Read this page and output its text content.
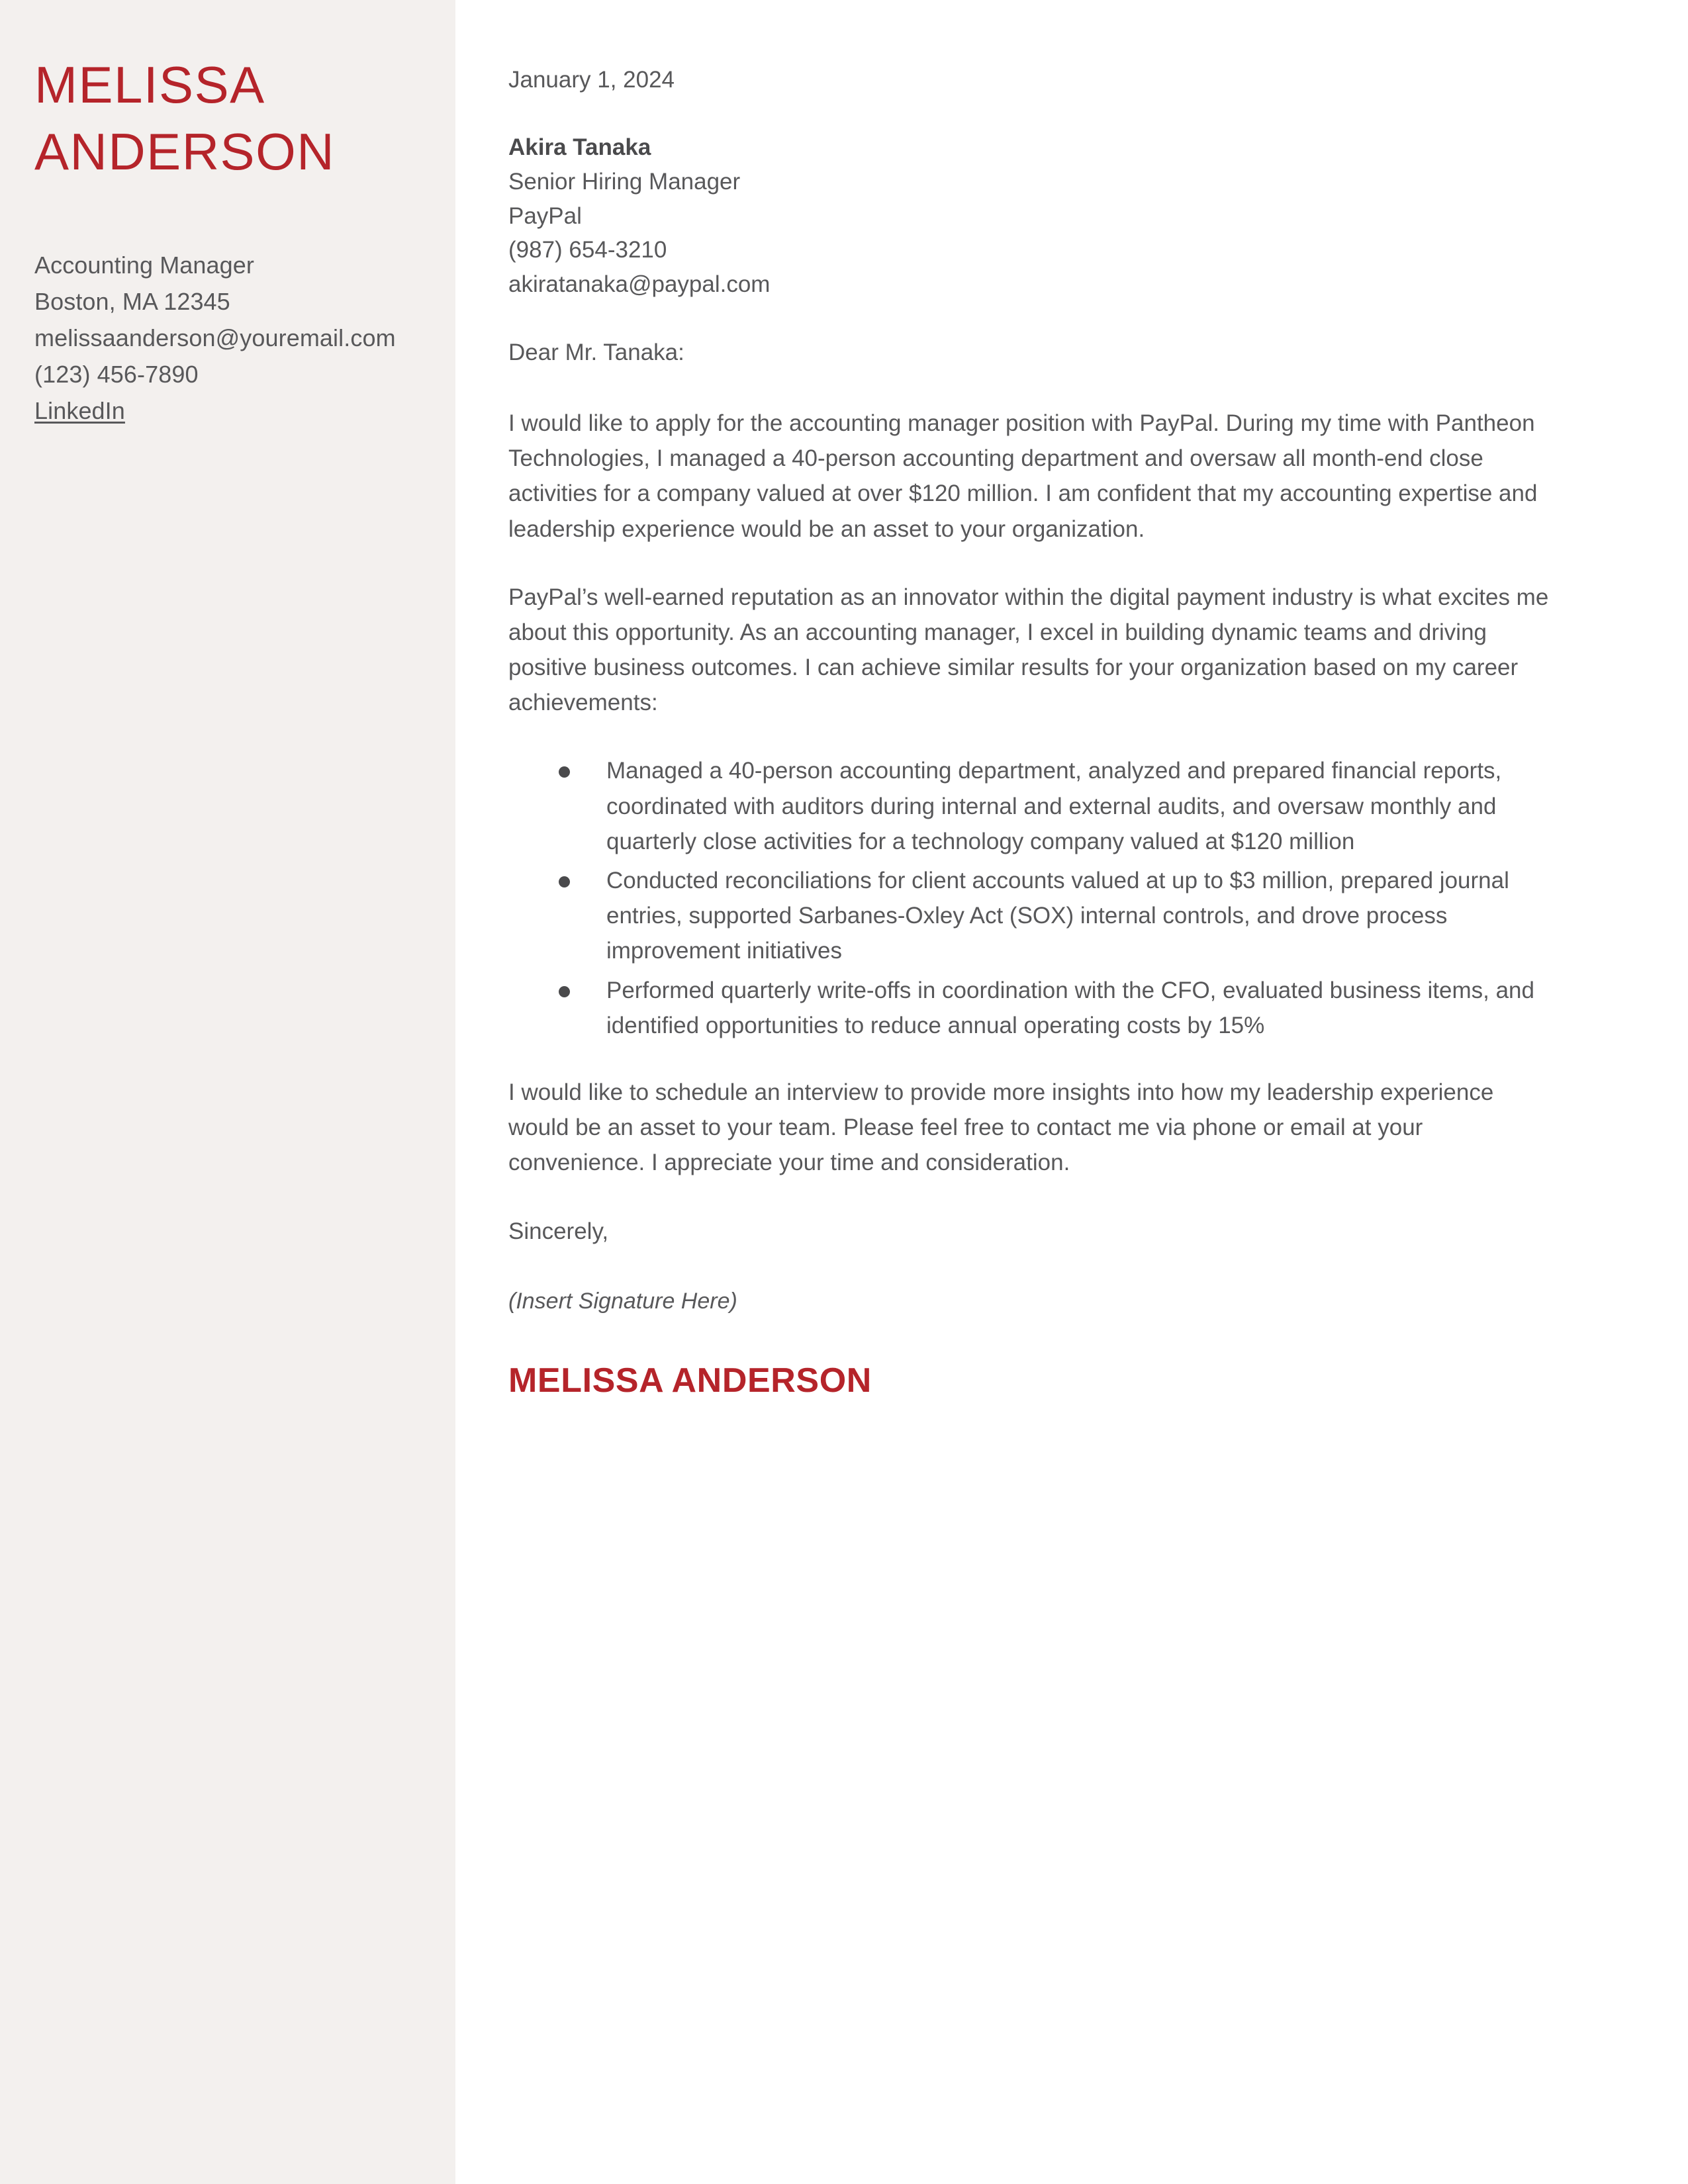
MELISSA
ANDERSON
Accounting Manager
Boston, MA 12345
melissaanderson@youremail.com
(123) 456-7890
LinkedIn
January 1, 2024
Akira Tanaka
Senior Hiring Manager
PayPal
(987) 654-3210
akiratanaka@paypal.com
Dear Mr. Tanaka:

I would like to apply for the accounting manager position with PayPal. During my time with Pantheon Technologies, I managed a 40-person accounting department and oversaw all month-end close activities for a company valued at over $120 million. I am confident that my accounting expertise and leadership experience would be an asset to your organization.

PayPal’s well-earned reputation as an innovator within the digital payment industry is what excites me about this opportunity. As an accounting manager, I excel in building dynamic teams and driving positive business outcomes. I can achieve similar results for your organization based on my career achievements:

Managed a 40-person accounting department, analyzed and prepared financial reports, coordinated with auditors during internal and external audits, and oversaw monthly and quarterly close activities for a technology company valued at $120 million
Conducted reconciliations for client accounts valued at up to $3 million, prepared journal entries, supported Sarbanes-Oxley Act (SOX) internal controls, and drove process improvement initiatives
Performed quarterly write-offs in coordination with the CFO, evaluated business items, and identified opportunities to reduce annual operating costs by 15%

I would like to schedule an interview to provide more insights into how my leadership experience would be an asset to your team. Please feel free to contact me via phone or email at your convenience. I appreciate your time and consideration.

Sincerely,
(Insert Signature Here)
MELISSA ANDERSON
